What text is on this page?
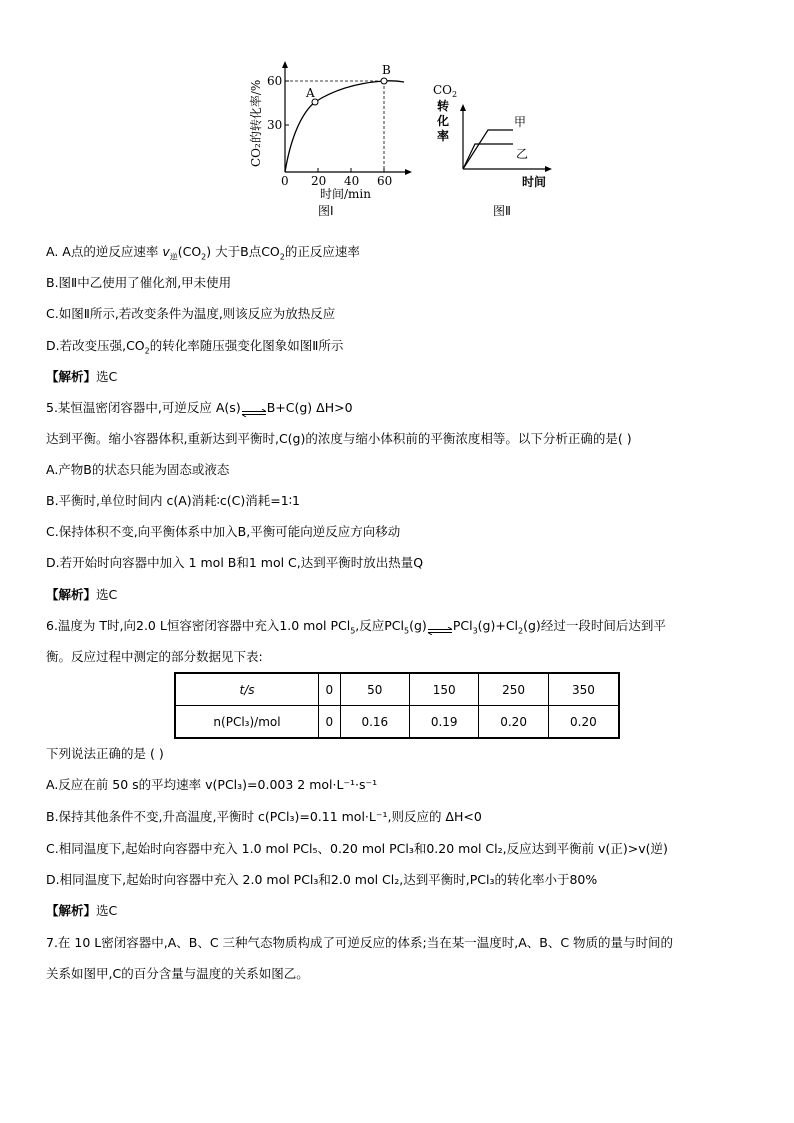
A
B
30
60
0 20 40 60
时间/min
CO₂的转化率/%
图Ⅰ
甲
乙
$CO_2$
转
化
率
时间
图Ⅱ
A. A点的逆反应速率 $v_逆(CO_2)$ 大于B点$CO_2$的正反应速率
B.图Ⅱ中乙使用了催化剂,甲未使用
C.如图Ⅱ所示,若改变条件为温度,则该反应为放热反应
D.若改变压强$,CO_2$的转化率随压强变化图象如图Ⅱ所示
【解析】选C
5.某恒温密闭容器中,可逆反应 A(s)⇌B+C(g) ΔH>0
达到平衡。缩小容器体积,重新达到平衡时,C(g)的浓度与缩小体积前的平衡浓度相等。以下分析正确的是( )
A.产物B的状态只能为固态或液态
B.平衡时,单位时间内 c(A)消耗∶c(C)消耗=1∶1
C.保持体积不变,向平衡体系中加入B,平衡可能向逆反应方向移动
D.若开始时向容器中加入 1 mol B和1 mol C,达到平衡时放出热量Q
【解析】选C
6.温度为 T时,向2.0 L恒容密闭容器中充入1.0 mol PCl$_5$,反应$PCl_5(g)\rightleftharpoons PCl_3(g)+Cl_2(g)$经过一段时间后达到平
衡。反应过程中测定的部分数据见下表:
t/s	0	50	150	250	350
n(PCl₃)/mol	0	0.16	0.19	0.20	0.20
下列说法正确的是 ( )
A.反应在前 50 s的平均速率 v(PCl₃)=0.003 2 mol·L⁻¹·s⁻¹
B.保持其他条件不变,升高温度,平衡时 c(PCl₃)=0.11 mol·L⁻¹,则反应的 ΔH<0
C.相同温度下,起始时向容器中充入 1.0 mol PCl₅、0.20 mol PCl₃和0.20 mol Cl₂,反应达到平衡前 v(正)>v(逆)
D.相同温度下,起始时向容器中充入 2.0 mol PCl₃和2.0 mol Cl₂,达到平衡时,PCl₃的转化率小于80%
【解析】选C
7.在 10 L密闭容器中,A、B、C 三种气态物质构成了可逆反应的体系;当在某一温度时,A、B、C 物质的量与时间的
关系如图甲,C的百分含量与温度的关系如图乙。
